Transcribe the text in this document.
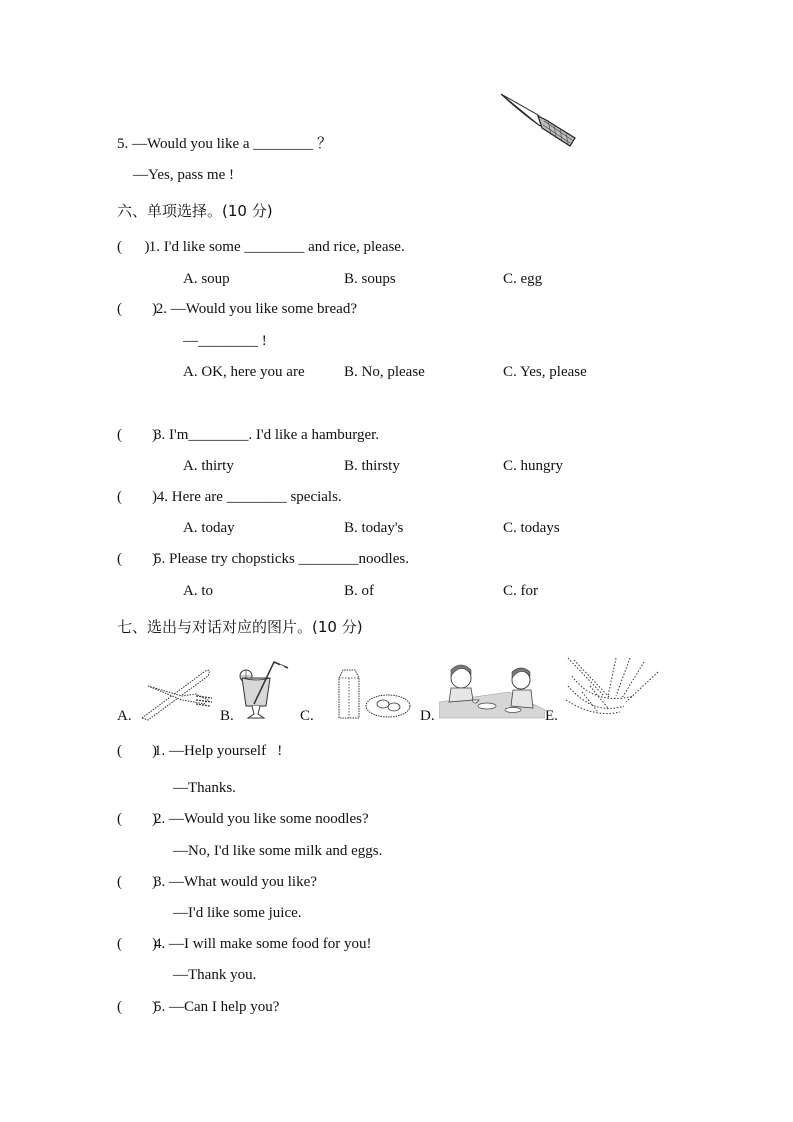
5. —Would you like a ________ ？
—Yes, pass me !
六、单项选择。(10 分)
(      )
1. I'd like some ________ and rice, please.
A. soup	B. soups	C. egg
(        )
2. —Would you like some bread?
—________ !
A. OK, here you are	B. No, please	C. Yes, please
(        )
3. I'm________. I'd like a hamburger.
A. thirty	B. thirsty	C. hungry
(        )
4. Here are ________ specials.
A. today	B. today's	C. todays
(        )
5. Please try chopsticks ________noodles.
A. to	B. of	C. for
七、选出与对话对应的图片。(10 分)
A.	B.	C.	D.	E.
(        )
1. —Help yourself   !
—Thanks.
(        )
2. —Would you like some noodles?
—No, I'd like some milk and eggs.
(        )
3. —What would you like?
—I'd like some juice.
(        )
4. —I will make some food for you!
—Thank you.
(        )
5. —Can I help you?
